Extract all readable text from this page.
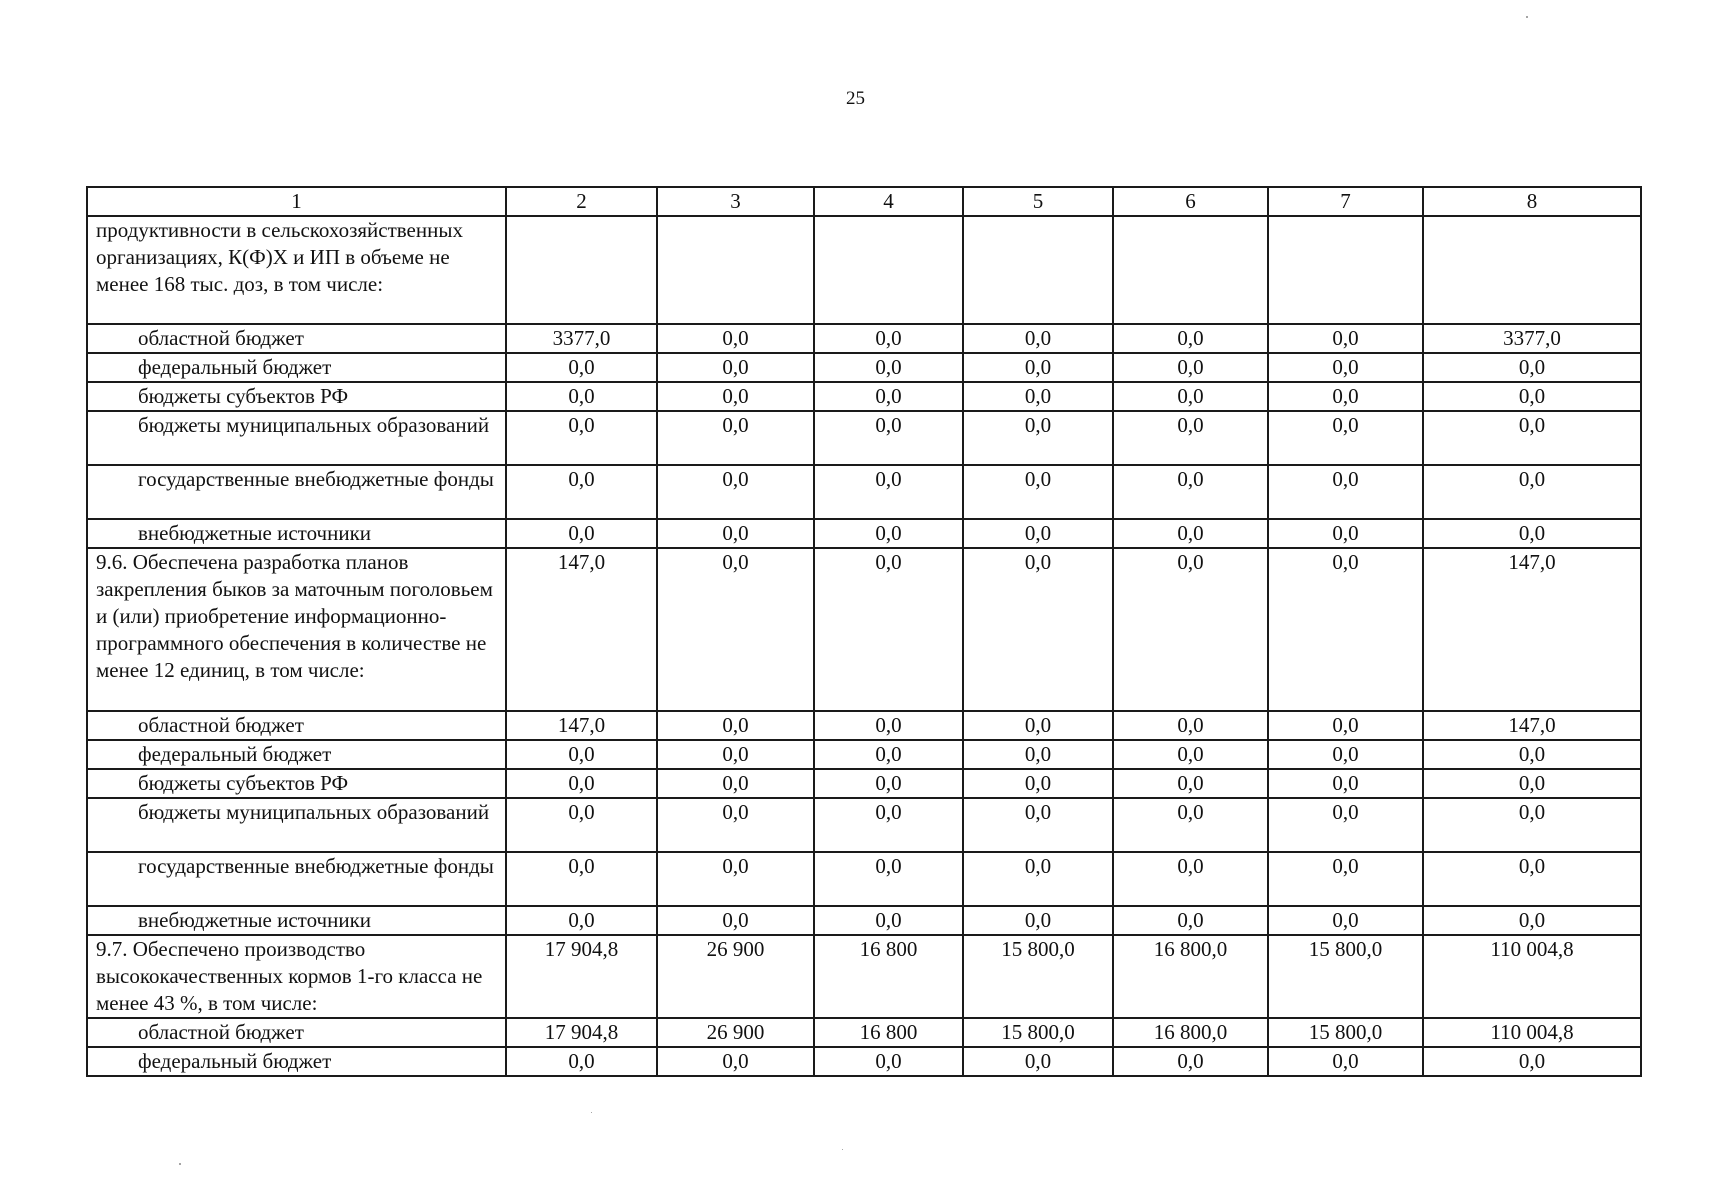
25
1	2	3	4	5	6	7	8
продуктивности в сельскохозяйственных организациях, К(Ф)Х и ИП в объеме не менее 168 тыс. доз, в том числе:							
областной бюджет	3377,0	0,0	0,0	0,0	0,0	0,0	3377,0
федеральный бюджет	0,0	0,0	0,0	0,0	0,0	0,0	0,0
бюджеты субъектов РФ	0,0	0,0	0,0	0,0	0,0	0,0	0,0
бюджеты муниципальных образований	0,0	0,0	0,0	0,0	0,0	0,0	0,0
государственные внебюджетные фонды	0,0	0,0	0,0	0,0	0,0	0,0	0,0
внебюджетные источники	0,0	0,0	0,0	0,0	0,0	0,0	0,0
9.6. Обеспечена разработка планов закрепления быков за маточным поголовьем и (или) приобретение информационно-программного обеспечения в количестве не менее 12 единиц, в том числе:	147,0	0,0	0,0	0,0	0,0	0,0	147,0
областной бюджет	147,0	0,0	0,0	0,0	0,0	0,0	147,0
федеральный бюджет	0,0	0,0	0,0	0,0	0,0	0,0	0,0
бюджеты субъектов РФ	0,0	0,0	0,0	0,0	0,0	0,0	0,0
бюджеты муниципальных образований	0,0	0,0	0,0	0,0	0,0	0,0	0,0
государственные внебюджетные фонды	0,0	0,0	0,0	0,0	0,0	0,0	0,0
внебюджетные источники	0,0	0,0	0,0	0,0	0,0	0,0	0,0
9.7. Обеспечено производство высококачественных кормов 1-го класса не менее 43 %, в том числе:	17 904,8	26 900	16 800	15 800,0	16 800,0	15 800,0	110 004,8
областной бюджет	17 904,8	26 900	16 800	15 800,0	16 800,0	15 800,0	110 004,8
федеральный бюджет	0,0	0,0	0,0	0,0	0,0	0,0	0,0
